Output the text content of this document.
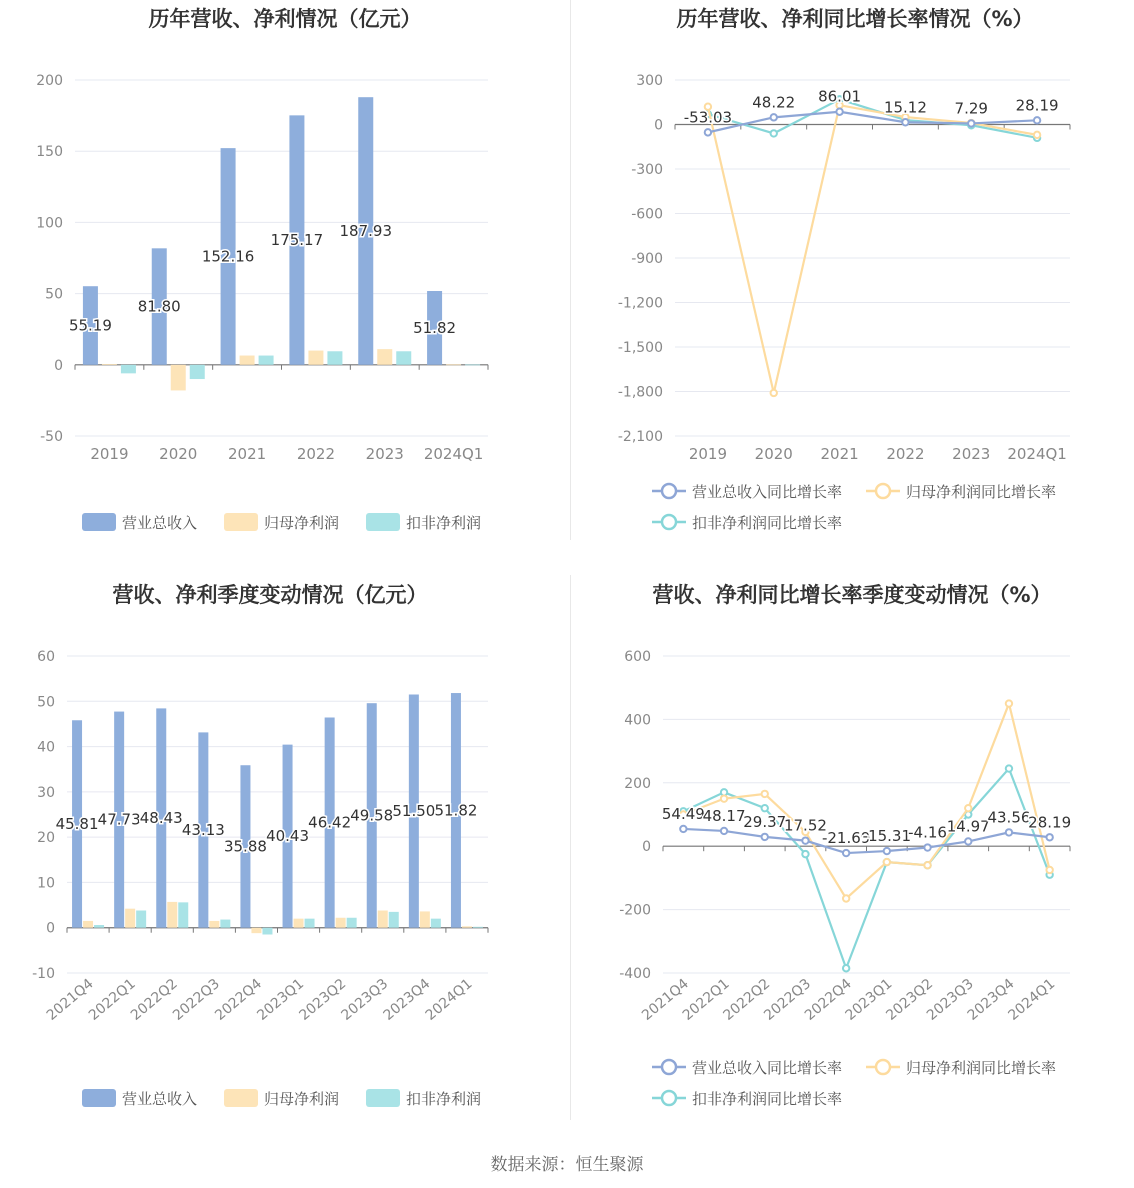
历年营收、净利情况（亿元）
-50
0
50
100
150
200
2019 2020 2021 2022 2023 2024Q1
55.19
81.80
152.16
175.17
187.93
51.82
营业总收入	归母净利润	扣非净利润
历年营收、净利同比增长率情况（%）
-2,100
-1,800
-1,500
-1,200
-900
-600
-300
0
300
2019 2020 2021 2022 2023 2024Q1
-53.03
48.22 86.01
15.12 7.29 28.19
营业总收入同比增长率	归母净利润同比增长率
扣非净利润同比增长率
营收、净利季度变动情况（亿元）
-10
0
10
20
30
40
50
60
2021Q4
2022Q1
2022Q2
2022Q3
2022Q4
2023Q1
2023Q2
2023Q3
2023Q4
2024Q1
45.81 47.73 48.43
43.13
35.88
40.43
46.42 49.58 51.50 51.82
营业总收入	归母净利润	扣非净利润
营收、净利同比增长率季度变动情况（%）
-400
-200
0
200
400
600
2021Q4
2022Q1
2022Q2
2022Q3
2022Q4
2023Q1
2023Q2
2023Q3
2023Q4
2024Q1
54.49
48.17
29.37
17.52
-21.69
-15.31
-4.16 14.97
43.56
28.19
营业总收入同比增长率	归母净利润同比增长率
扣非净利润同比增长率
数据来源：恒生聚源
